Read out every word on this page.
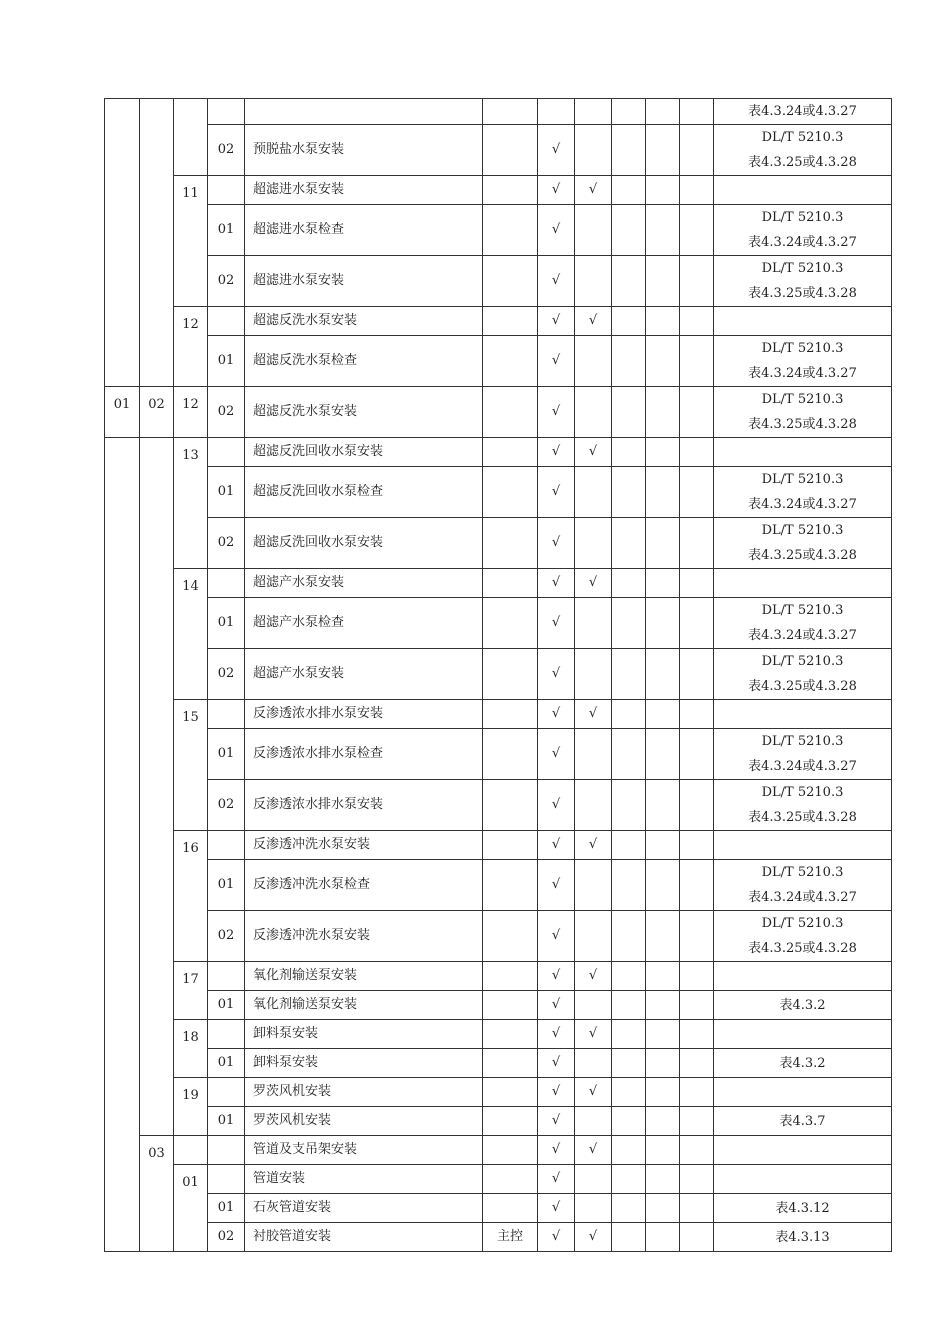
											表4.3.24或4.3.27

			02	预脱盐水泵安装		√					DL/T 5210.3
表4.3.25或4.3.28

		11		超滤进水泵安装		√	√				

			01	超滤进水泵检查		√					DL/T 5210.3
表4.3.24或4.3.27

			02	超滤进水泵安装		√					DL/T 5210.3
表4.3.25或4.3.28

		12		超滤反洗水泵安装		√	√				

			01	超滤反洗水泵检查		√					DL/T 5210.3
表4.3.24或4.3.27

01	02	12	02	超滤反洗水泵安装		√					DL/T 5210.3
表4.3.25或4.3.28

		13		超滤反洗回收水泵安装		√	√				

			01	超滤反洗回收水泵检查		√					DL/T 5210.3
表4.3.24或4.3.27

			02	超滤反洗回收水泵安装		√					DL/T 5210.3
表4.3.25或4.3.28

		14		超滤产水泵安装		√	√				

			01	超滤产水泵检查		√					DL/T 5210.3
表4.3.24或4.3.27

			02	超滤产水泵安装		√					DL/T 5210.3
表4.3.25或4.3.28

		15		反渗透浓水排水泵安装		√	√				

			01	反渗透浓水排水泵检查		√					DL/T 5210.3
表4.3.24或4.3.27

			02	反渗透浓水排水泵安装		√					DL/T 5210.3
表4.3.25或4.3.28

		16		反渗透冲洗水泵安装		√	√				

			01	反渗透冲洗水泵检查		√					DL/T 5210.3
表4.3.24或4.3.27

			02	反渗透冲洗水泵安装		√					DL/T 5210.3
表4.3.25或4.3.28

		17		氧化剂输送泵安装		√	√				

			01	氧化剂输送泵安装		√					表4.3.2

		18		卸料泵安装		√	√				

			01	卸料泵安装		√					表4.3.2

		19		罗茨风机安装		√	√				

			01	罗茨风机安装		√					表4.3.7

	03			管道及支吊架安装		√	√				

		01		管道安装		√					

			01	石灰管道安装		√					表4.3.12

			02	衬胶管道安装	主控	√	√				表4.3.13
